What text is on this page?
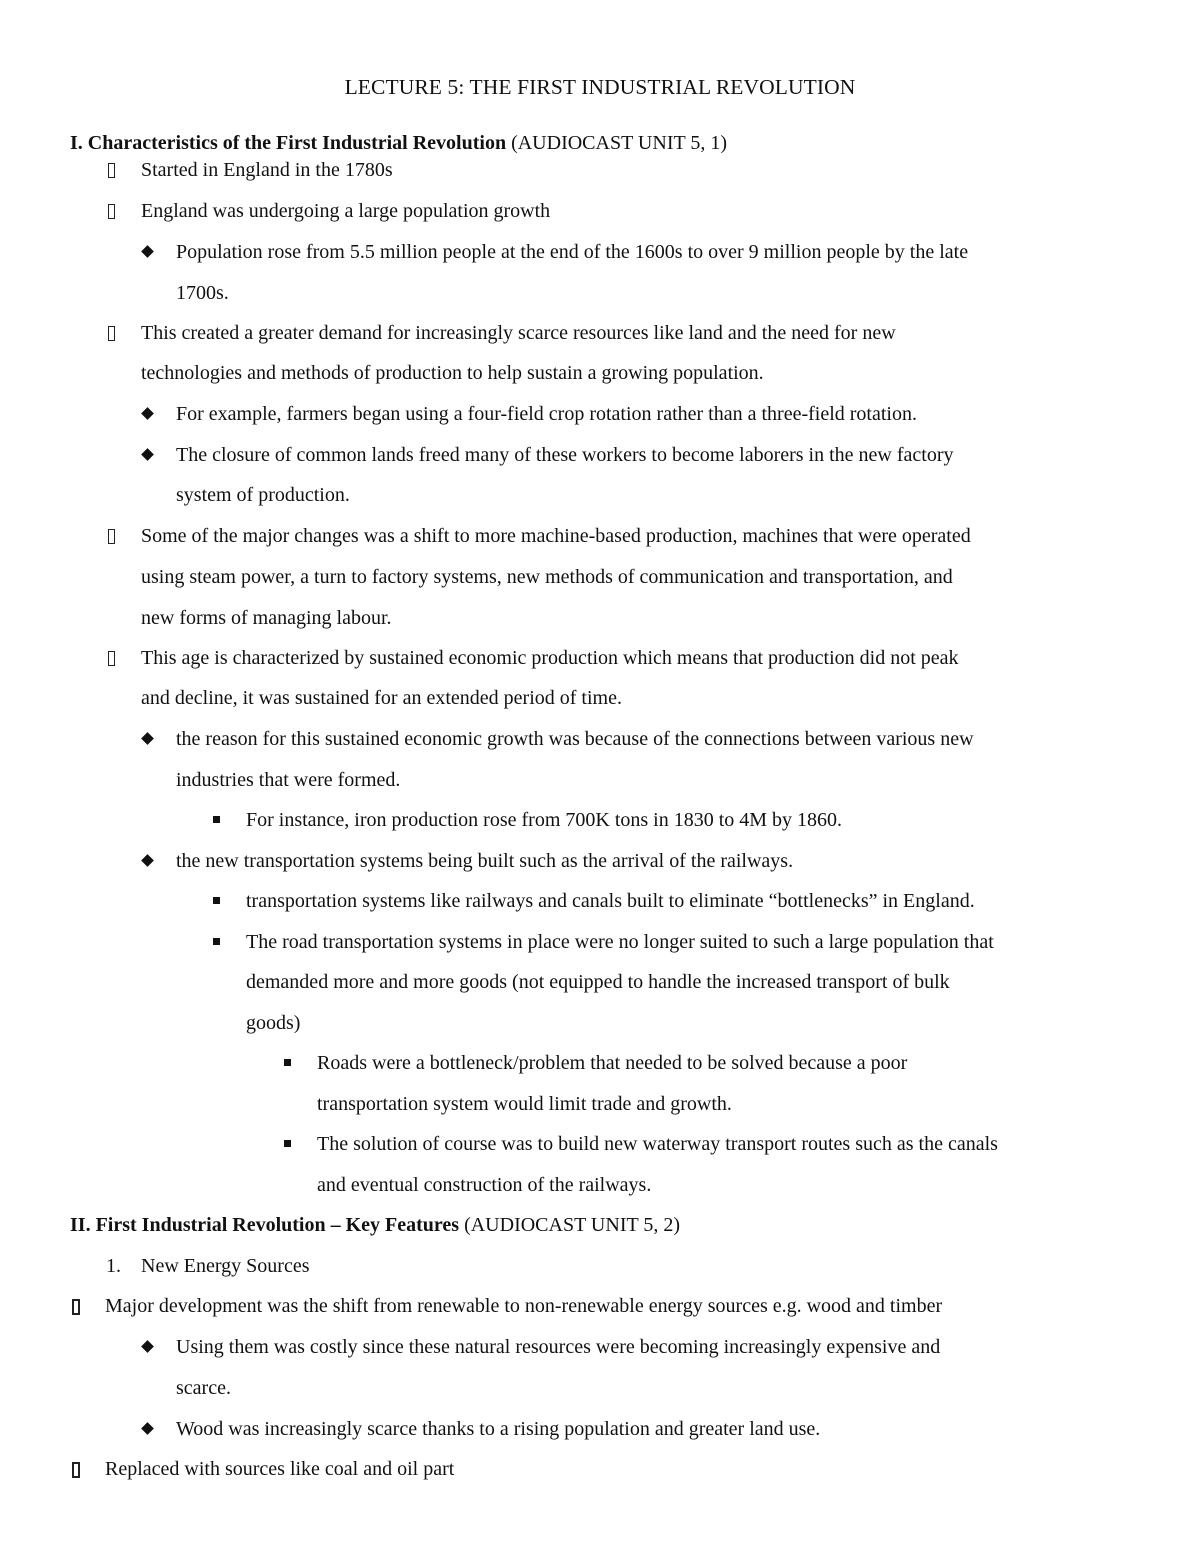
LECTURE 5: THE FIRST INDUSTRIAL REVOLUTION
I. Characteristics of the First Industrial Revolution (AUDIOCAST UNIT 5, 1)
Started in England in the 1780s
England was undergoing a large population growth
Population rose from 5.5 million people at the end of the 1600s to over 9 million people by the late
1700s.
This created a greater demand for increasingly scarce resources like land and the need for new
technologies and methods of production to help sustain a growing population.
For example, farmers began using a four-field crop rotation rather than a three-field rotation.
The closure of common lands freed many of these workers to become laborers in the new factory
system of production.
Some of the major changes was a shift to more machine-based production, machines that were operated
using steam power, a turn to factory systems, new methods of communication and transportation, and
new forms of managing labour.
This age is characterized by sustained economic production which means that production did not peak
and decline, it was sustained for an extended period of time.
the reason for this sustained economic growth was because of the connections between various new
industries that were formed.
For instance, iron production rose from 700K tons in 1830 to 4M by 1860.
the new transportation systems being built such as the arrival of the railways.
transportation systems like railways and canals built to eliminate “bottlenecks” in England.
The road transportation systems in place were no longer suited to such a large population that
demanded more and more goods (not equipped to handle the increased transport of bulk
goods)
Roads were a bottleneck/problem that needed to be solved because a poor
transportation system would limit trade and growth.
The solution of course was to build new waterway transport routes such as the canals
and eventual construction of the railways.
II. First Industrial Revolution – Key Features (AUDIOCAST UNIT 5, 2)
1. New Energy Sources
Major development was the shift from renewable to non-renewable energy sources e.g. wood and timber
Using them was costly since these natural resources were becoming increasingly expensive and
scarce.
Wood was increasingly scarce thanks to a rising population and greater land use.
Replaced with sources like coal and oil part
